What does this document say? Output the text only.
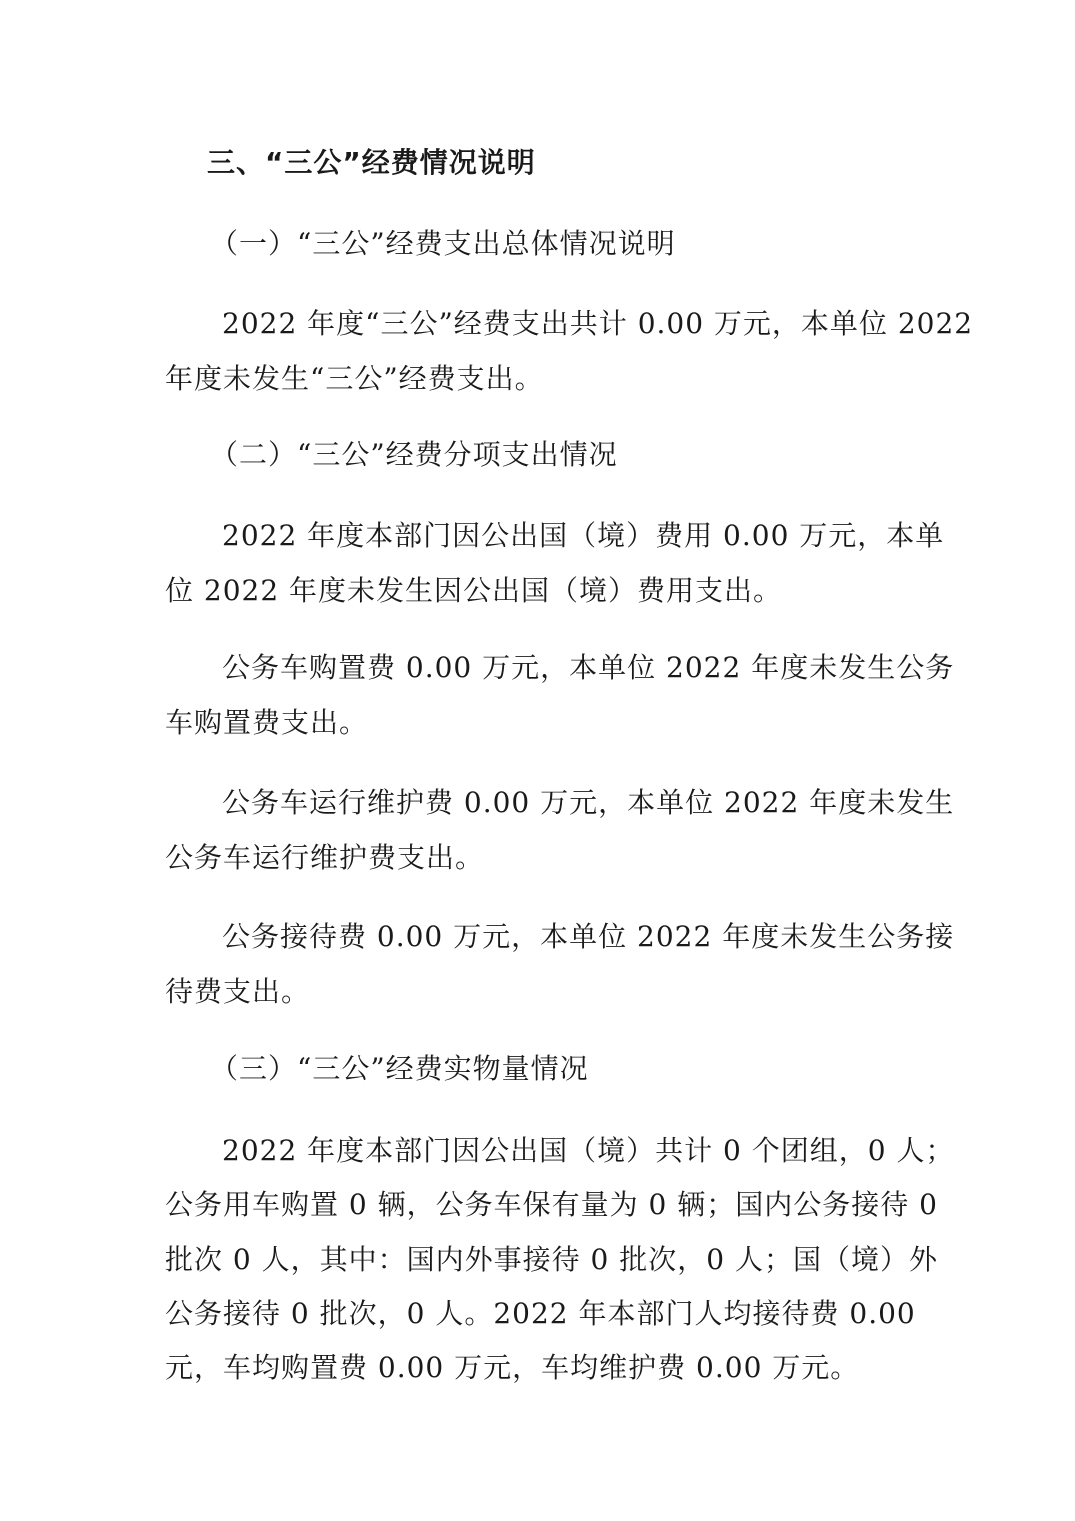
三、“三公”经费情况说明
（一）“三公”经费支出总体情况说明
2022 年度“三公”经费支出共计 0.00 万元，本单位 2022
年度未发生“三公”经费支出。
（二）“三公”经费分项支出情况
2022 年度本部门因公出国（境）费用 0.00 万元，本单
位 2022 年度未发生因公出国（境）费用支出。
公务车购置费 0.00 万元，本单位 2022 年度未发生公务
车购置费支出。
公务车运行维护费 0.00 万元，本单位 2022 年度未发生
公务车运行维护费支出。
公务接待费 0.00 万元，本单位 2022 年度未发生公务接
待费支出。
（三）“三公”经费实物量情况
2022 年度本部门因公出国（境）共计 0 个团组，0 人；
公务用车购置 0 辆，公务车保有量为 0 辆；国内公务接待 0
批次 0 人，其中：国内外事接待 0 批次，0 人；国（境）外
公务接待 0 批次，0 人。2022 年本部门人均接待费 0.00
元，车均购置费 0.00 万元，车均维护费 0.00 万元。
